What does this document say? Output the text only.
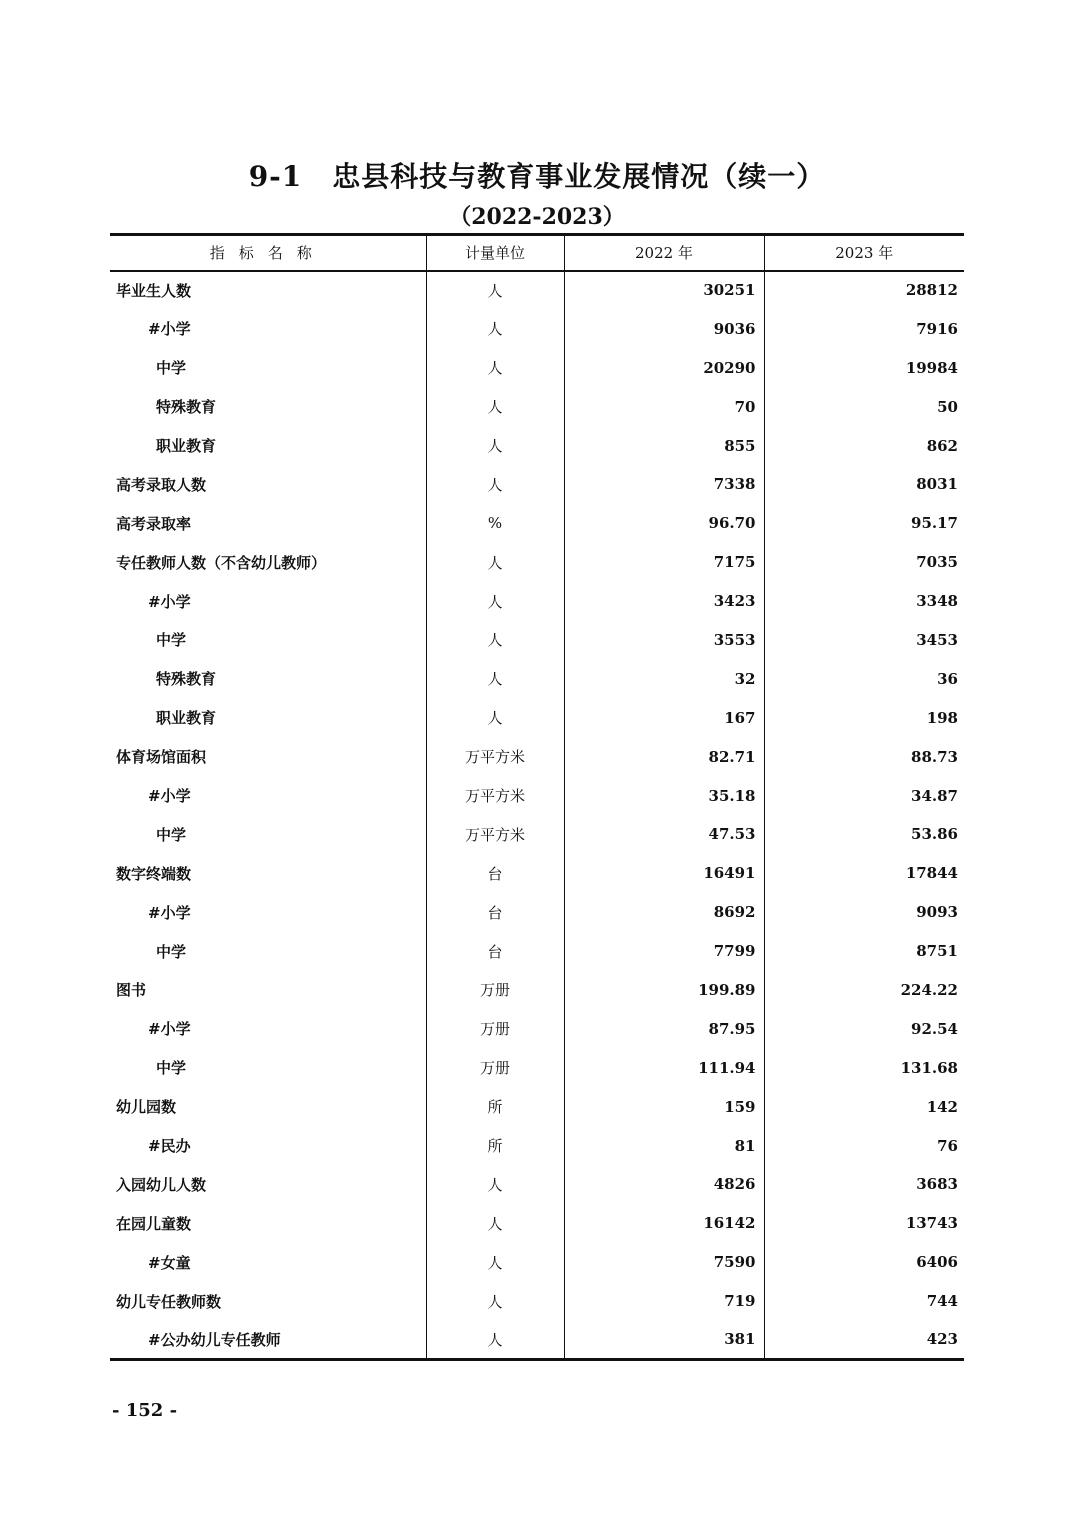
9-1 忠县科技与教育事业发展情况（续一）
（2022-2023）
指标名称	计量单位	2022 年	2023 年
毕业生人数	人	30251	28812
#小学	人	9036	7916
中学	人	20290	19984
特殊教育	人	70	50
职业教育	人	855	862
高考录取人数	人	7338	8031
高考录取率	%	96.70	95.17
专任教师人数（不含幼儿教师）	人	7175	7035
#小学	人	3423	3348
中学	人	3553	3453
特殊教育	人	32	36
职业教育	人	167	198
体育场馆面积	万平方米	82.71	88.73
#小学	万平方米	35.18	34.87
中学	万平方米	47.53	53.86
数字终端数	台	16491	17844
#小学	台	8692	9093
中学	台	7799	8751
图书	万册	199.89	224.22
#小学	万册	87.95	92.54
中学	万册	111.94	131.68
幼儿园数	所	159	142
#民办	所	81	76
入园幼儿人数	人	4826	3683
在园儿童数	人	16142	13743
#女童	人	7590	6406
幼儿专任教师数	人	719	744
#公办幼儿专任教师	人	381	423
- 152 -
